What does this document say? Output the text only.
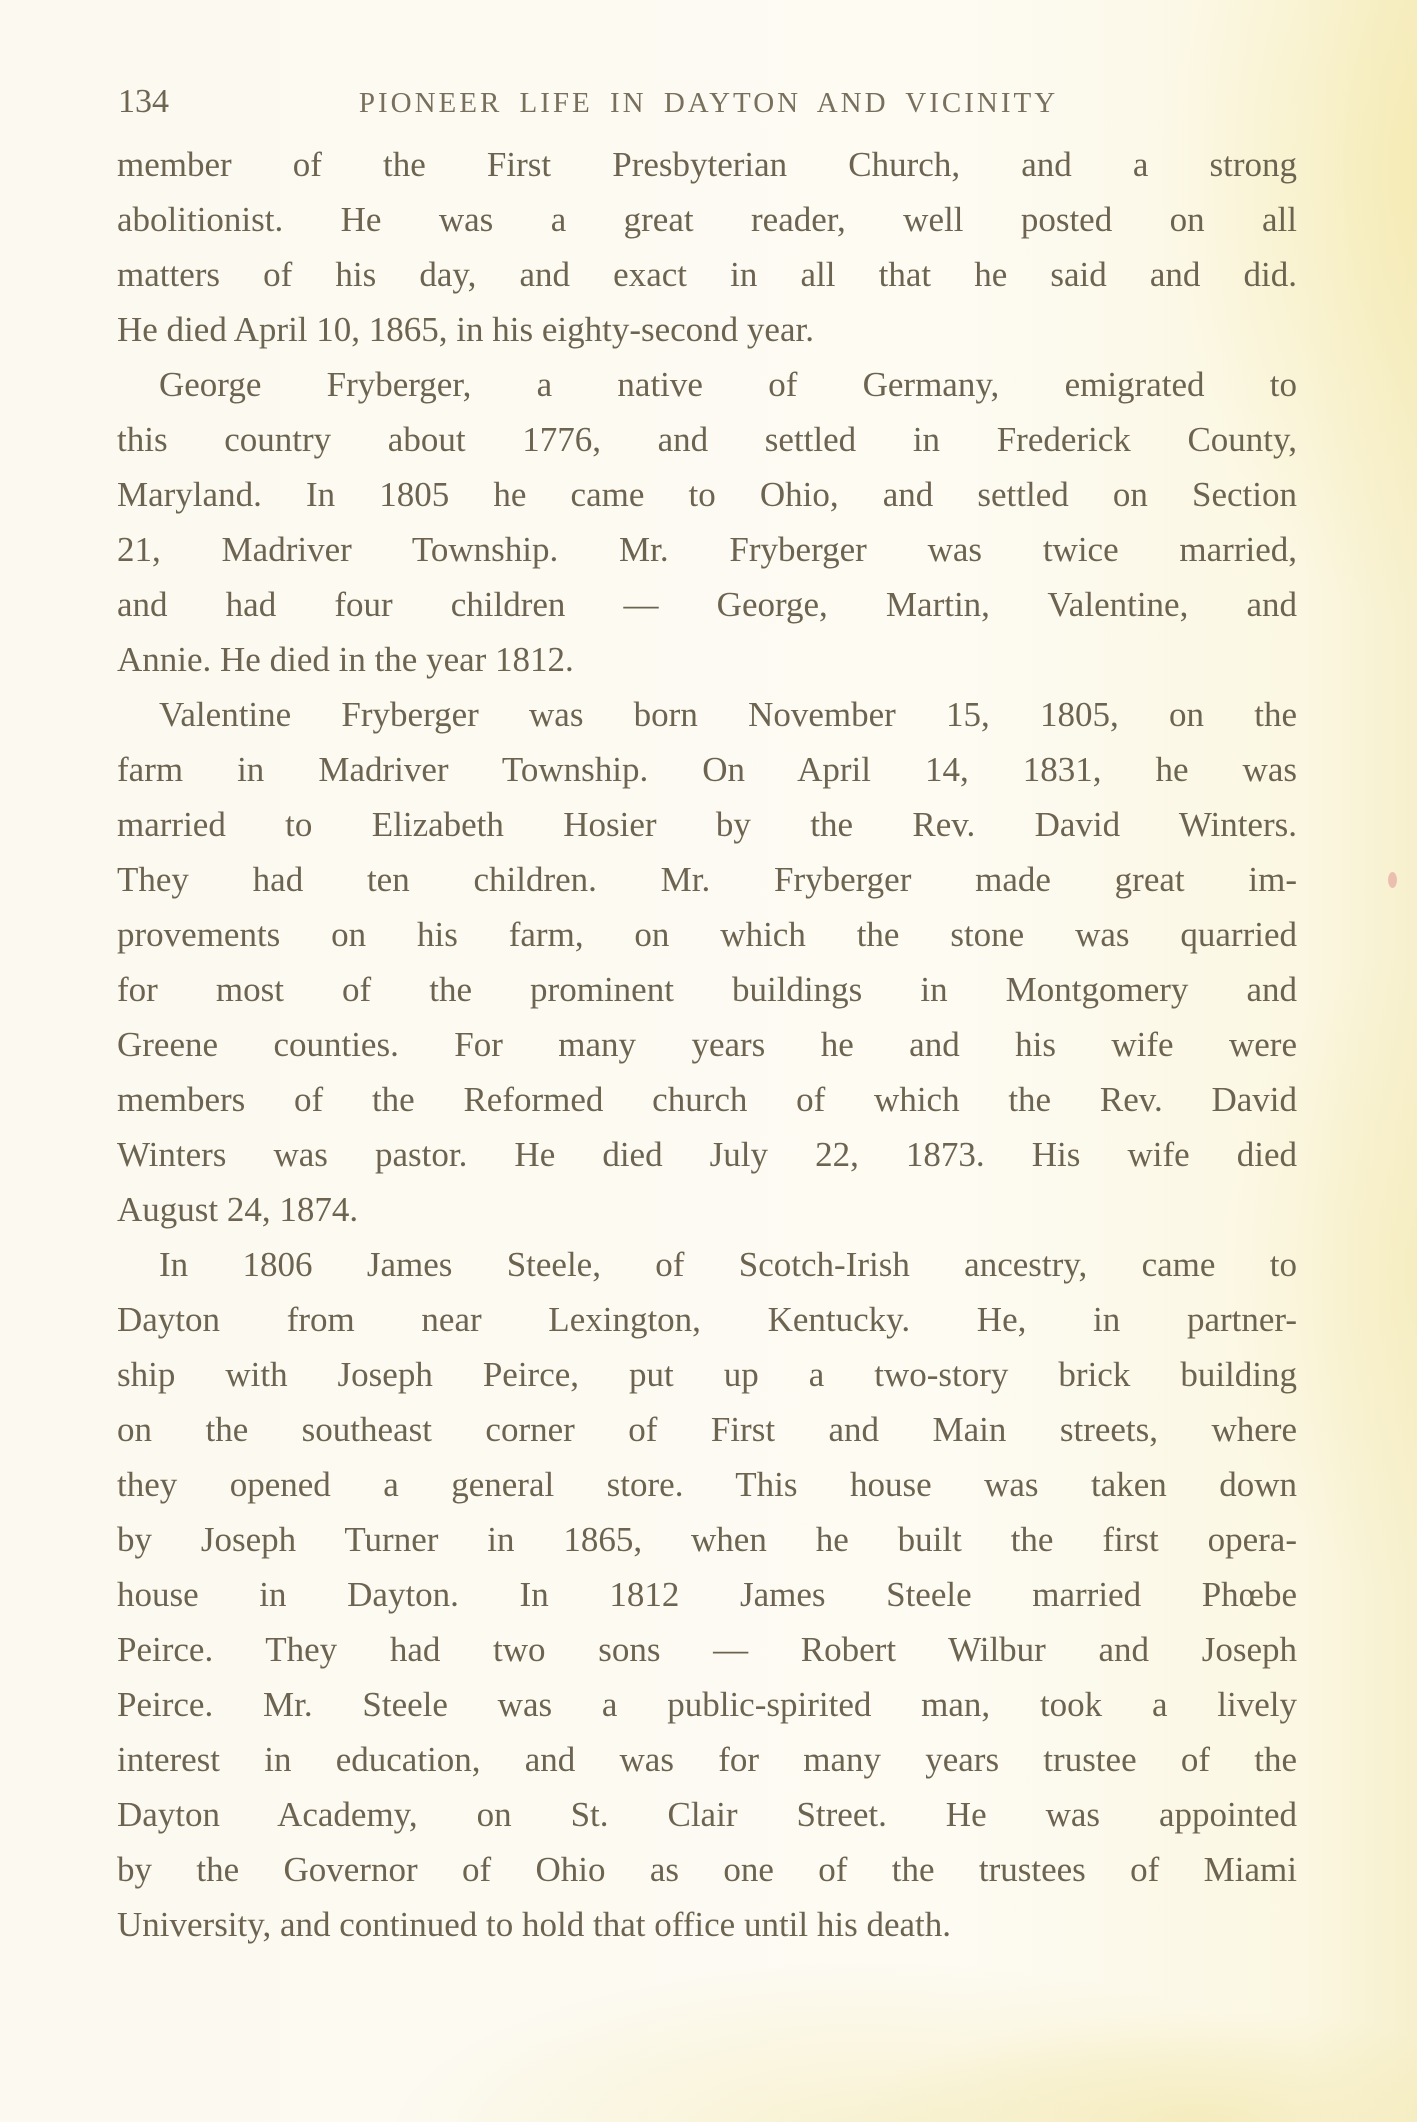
134	PIONEER LIFE IN DAYTON AND VICINITY
member of the First Presbyterian Church, and a strong
abolitionist. He was a great reader, well posted on all
matters of his day, and exact in all that he said and did.
He died April 10, 1865, in his eighty-second year.
George Fryberger, a native of Germany, emigrated to
this country about 1776, and settled in Frederick County,
Maryland. In 1805 he came to Ohio, and settled on Section
21, Madriver Township. Mr. Fryberger was twice married,
and had four children — George, Martin, Valentine, and
Annie. He died in the year 1812.
Valentine Fryberger was born November 15, 1805, on the
farm in Madriver Township. On April 14, 1831, he was
married to Elizabeth Hosier by the Rev. David Winters.
They had ten children. Mr. Fryberger made great im-
provements on his farm, on which the stone was quarried
for most of the prominent buildings in Montgomery and
Greene counties. For many years he and his wife were
members of the Reformed church of which the Rev. David
Winters was pastor. He died July 22, 1873. His wife died
August 24, 1874.
In 1806 James Steele, of Scotch-Irish ancestry, came to
Dayton from near Lexington, Kentucky. He, in partner-
ship with Joseph Peirce, put up a two-story brick building
on the southeast corner of First and Main streets, where
they opened a general store. This house was taken down
by Joseph Turner in 1865, when he built the first opera-
house in Dayton. In 1812 James Steele married Phœbe
Peirce. They had two sons — Robert Wilbur and Joseph
Peirce. Mr. Steele was a public-spirited man, took a lively
interest in education, and was for many years trustee of the
Dayton Academy, on St. Clair Street. He was appointed
by the Governor of Ohio as one of the trustees of Miami
University, and continued to hold that office until his death.
